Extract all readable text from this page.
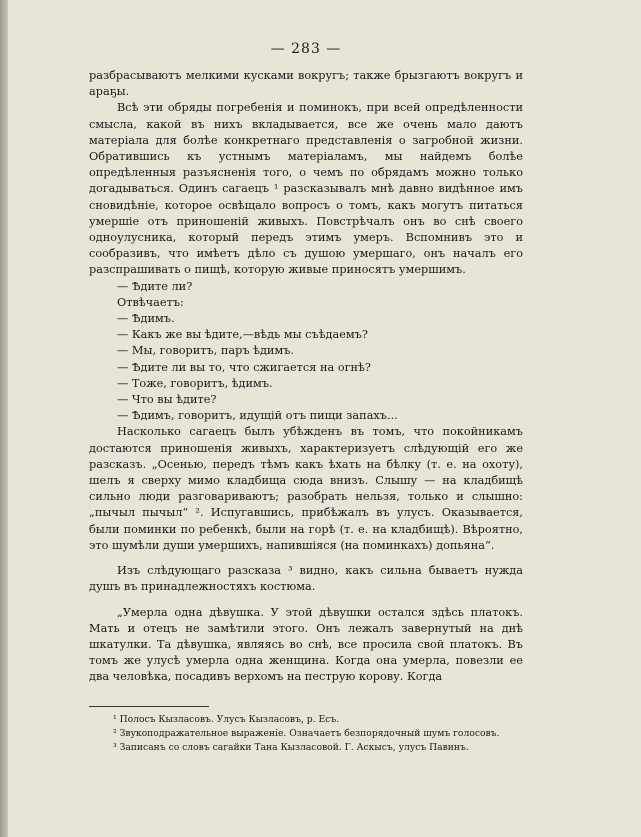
— 283 —

разбрасываютъ мелкими кусками вокругъ; также брызгаютъ вокругъ и араҕы.

Всѣ эти обряды погребенія и поминокъ, при всей опредѣленности смысла, какой въ нихъ вкладывается, все же очень мало даютъ матеріала для болѣе конкретнаго представленія о загробной жизни. Обратившись къ устнымъ матеріаламъ, мы найдемъ болѣе опредѣленныя разъясненія того, о чемъ по обрядамъ можно только догадываться. Одинъ сагаецъ ¹ разсказывалъ мнѣ давно видѣнное имъ сновидѣніе, которое освѣщало вопросъ о томъ, какъ могутъ питаться умершіе отъ приношеній живыхъ. Повстрѣчалъ онъ во снѣ своего одноулусника, который передъ этимъ умеръ. Вспомнивъ это и сообразивъ, что имѣетъ дѣло съ душою умершаго, онъ началъ его разспрашивать о пищѣ, которую живые приносятъ умершимъ.

— Ѣдите ли?

Отвѣчаетъ:

— Ѣдимъ.

— Какъ же вы ѣдите,—вѣдь мы съѣдаемъ?

— Мы, говоритъ, паръ ѣдимъ.

— Ѣдите ли вы то, что сжигается на огнѣ?

— Тоже, говоритъ, ѣдимъ.

— Что вы ѣдите?

— Ѣдимъ, говоритъ, идущій отъ пищи запахъ...

Насколько сагаецъ былъ убѣжденъ въ томъ, что покойникамъ достаются приношенія живыхъ, характеризуетъ слѣдующій его же разсказъ. „Осенью, передъ тѣмъ какъ ѣхать на бѣлку (т. е. на охоту), шелъ я сверху мимо кладбища сюда внизъ. Слышу — на кладбищѣ сильно люди разговариваютъ; разобрать нельзя, только и слышно: „пычыл пычыл“ ². Испугавшись, прибѣжалъ въ улусъ. Оказывается, были поминки по ребенкѣ, были на горѣ (т. е. на кладбищѣ). Вѣроятно, это шумѣли души умершихъ, напившіяся (на поминкахъ) допьяна“.

Изъ слѣдующаго разсказа ³ видно, какъ сильна бываетъ нужда душъ въ принадлежностяхъ костюма.

„Умерла одна дѣвушка. У этой дѣвушки остался здѣсь платокъ. Мать и отецъ не замѣтили этого. Онъ лежалъ завернутый на днѣ шкатулки. Та дѣвушка, являясь во снѣ, все просила свой платокъ. Въ томъ же улусѣ умерла одна женщина. Когда она умерла, повезли ее два человѣка, посадивъ верхомъ на пеструю корову. Когда

¹ Полосъ Кызласовъ. Улусъ Кызласовъ, р. Есъ.

² Звукоподражательное выраженіе. Означаетъ безпорядочный шумъ голосовъ.

³ Записанъ со словъ сагайки Тана Кызласовой. Г. Аскысъ, улусъ Павинъ.
